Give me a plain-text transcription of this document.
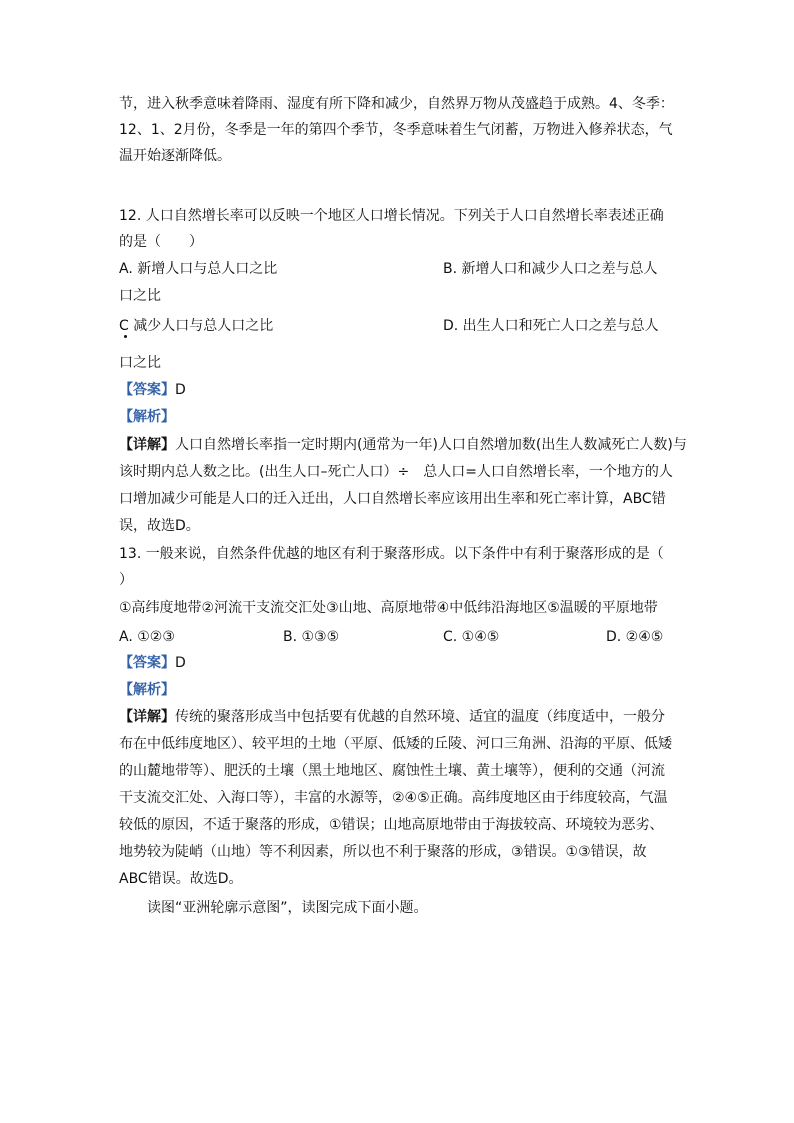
节，进入秋季意味着降雨、湿度有所下降和减少，自然界万物从茂盛趋于成熟。4、冬季：
12、1、2月份，冬季是一年的第四个季节，冬季意味着生气闭蓄，万物进入修养状态，气
温开始逐渐降低。
12. 人口自然增长率可以反映一个地区人口增长情况。下列关于人口自然增长率表述正确
的是（　　）
A. 新增人口与总人口之比	B. 新增人口和减少人口之差与总人
口之比
C 减少人口与总人口之比	D. 出生人口和死亡人口之差与总人
口之比
【答案】D
【解析】
【详解】人口自然增长率指一定时期内(通常为一年)人口自然增加数(出生人数减死亡人数)与
该时期内总人数之比。(出生人口–死亡人口）÷　总人口=人口自然增长率，一个地方的人
口增加减少可能是人口的迁入迁出，人口自然增长率应该用出生率和死亡率计算，ABC错
误，故选D。
13. 一般来说，自然条件优越的地区有利于聚落形成。以下条件中有利于聚落形成的是（
）
①高纬度地带②河流干支流交汇处③山地、高原地带④中低纬沿海地区⑤温暖的平原地带
A. ①②③	B. ①③⑤	C. ①④⑤	D. ②④⑤
【答案】D
【解析】
【详解】传统的聚落形成当中包括要有优越的自然环境、适宜的温度（纬度适中，一般分
布在中低纬度地区）、较平坦的土地（平原、低矮的丘陵、河口三角洲、沿海的平原、低矮
的山麓地带等）、肥沃的土壤（黑土地地区、腐蚀性土壤、黄土壤等），便利的交通（河流
干支流交汇处、入海口等），丰富的水源等，②④⑤正确。高纬度地区由于纬度较高，气温
较低的原因，不适于聚落的形成，①错误；山地高原地带由于海拔较高、环境较为恶劣、
地势较为陡峭（山地）等不利因素，所以也不利于聚落的形成，③错误。①③错误，故
ABC错误。故选D。
读图“亚洲轮廓示意图”，读图完成下面小题。
